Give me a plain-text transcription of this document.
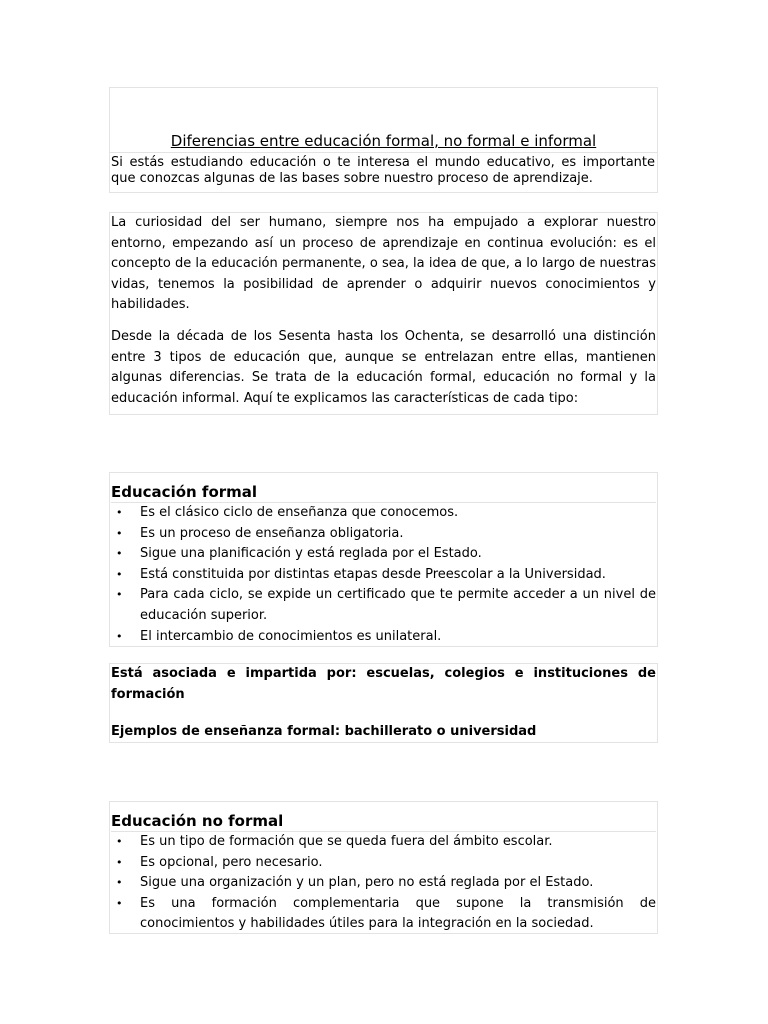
Diferencias entre educación formal, no formal e informal
Si estás estudiando educación o te interesa el mundo educativo, es importante que conozcas algunas de las bases sobre nuestro proceso de aprendizaje.

La curiosidad del ser humano, siempre nos ha empujado a explorar nuestro entorno, empezando así un proceso de aprendizaje en continua evolución: es el concepto de la educación permanente, o sea, la idea de que, a lo largo de nuestras vidas, tenemos la posibilidad de aprender o adquirir nuevos conocimientos y habilidades.

Desde la década de los Sesenta hasta los Ochenta, se desarrolló una distinción entre 3 tipos de educación que, aunque se entrelazan entre ellas, mantienen algunas diferencias. Se trata de la educación formal, educación no formal y la educación informal. Aquí te explicamos las características de cada tipo:

Educación formal
• Es el clásico ciclo de enseñanza que conocemos.
• Es un proceso de enseñanza obligatoria.
• Sigue una planificación y está reglada por el Estado.
• Está constituida por distintas etapas desde Preescolar a la Universidad.
• Para cada ciclo, se expide un certificado que te permite acceder a un nivel de educación superior.
• El intercambio de conocimientos es unilateral.

Está asociada e impartida por: escuelas, colegios e instituciones de formación

Ejemplos de enseñanza formal: bachillerato o universidad

Educación no formal
• Es un tipo de formación que se queda fuera del ámbito escolar.
• Es opcional, pero necesario.
• Sigue una organización y un plan, pero no está reglada por el Estado.
• Es una formación complementaria que supone la transmisión de conocimientos y habilidades útiles para la integración en la sociedad.
